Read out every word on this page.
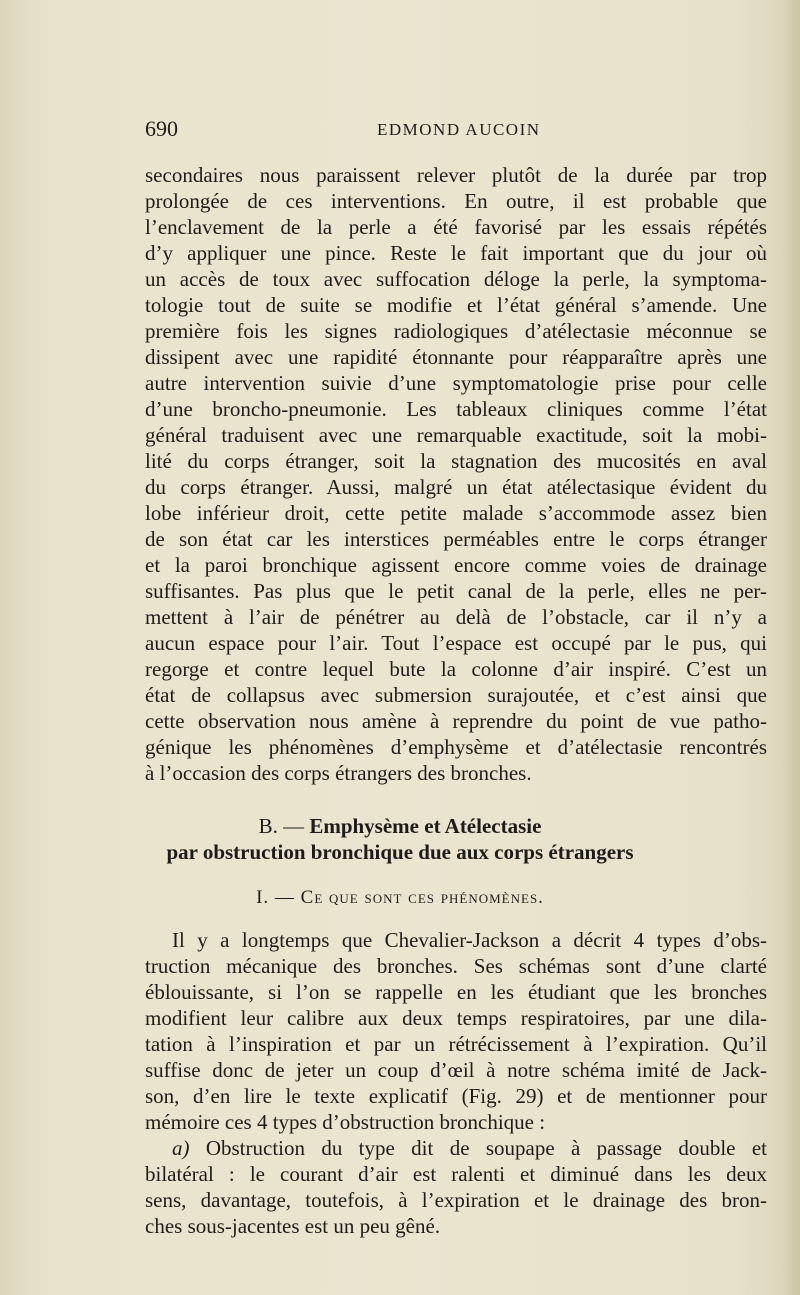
690	EDMOND AUCOIN
secondaires nous paraissent relever plutôt de la durée par trop
prolongée de ces interventions. En outre, il est probable que
l’enclavement de la perle a été favorisé par les essais répétés
d’y appliquer une pince. Reste le fait important que du jour où
un accès de toux avec suffocation déloge la perle, la symptoma-
tologie tout de suite se modifie et l’état général s’amende. Une
première fois les signes radiologiques d’atélectasie méconnue se
dissipent avec une rapidité étonnante pour réapparaître après une
autre intervention suivie d’une symptomatologie prise pour celle
d’une broncho-pneumonie. Les tableaux cliniques comme l’état
général traduisent avec une remarquable exactitude, soit la mobi-
lité du corps étranger, soit la stagnation des mucosités en aval
du corps étranger. Aussi, malgré un état atélectasique évident du
lobe inférieur droit, cette petite malade s’accommode assez bien
de son état car les interstices perméables entre le corps étranger
et la paroi bronchique agissent encore comme voies de drainage
suffisantes. Pas plus que le petit canal de la perle, elles ne per-
mettent à l’air de pénétrer au delà de l’obstacle, car il n’y a
aucun espace pour l’air. Tout l’espace est occupé par le pus, qui
regorge et contre lequel bute la colonne d’air inspiré. C’est un
état de collapsus avec submersion surajoutée, et c’est ainsi que
cette observation nous amène à reprendre du point de vue patho-
génique les phénomènes d’emphysème et d’atélectasie rencontrés
à l’occasion des corps étrangers des bronches.
B. — Emphysème et Atélectasie
par obstruction bronchique due aux corps étrangers
I. — Ce que sont ces phénomènes.
Il y a longtemps que Chevalier-Jackson a décrit 4 types d’obs-
truction mécanique des bronches. Ses schémas sont d’une clarté
éblouissante, si l’on se rappelle en les étudiant que les bronches
modifient leur calibre aux deux temps respiratoires, par une dila-
tation à l’inspiration et par un rétrécissement à l’expiration. Qu’il
suffise donc de jeter un coup d’œil à notre schéma imité de Jack-
son, d’en lire le texte explicatif (Fig. 29) et de mentionner pour
mémoire ces 4 types d’obstruction bronchique :
a) Obstruction du type dit de soupape à passage double et
bilatéral : le courant d’air est ralenti et diminué dans les deux
sens, davantage, toutefois, à l’expiration et le drainage des bron-
ches sous-jacentes est un peu gêné.
